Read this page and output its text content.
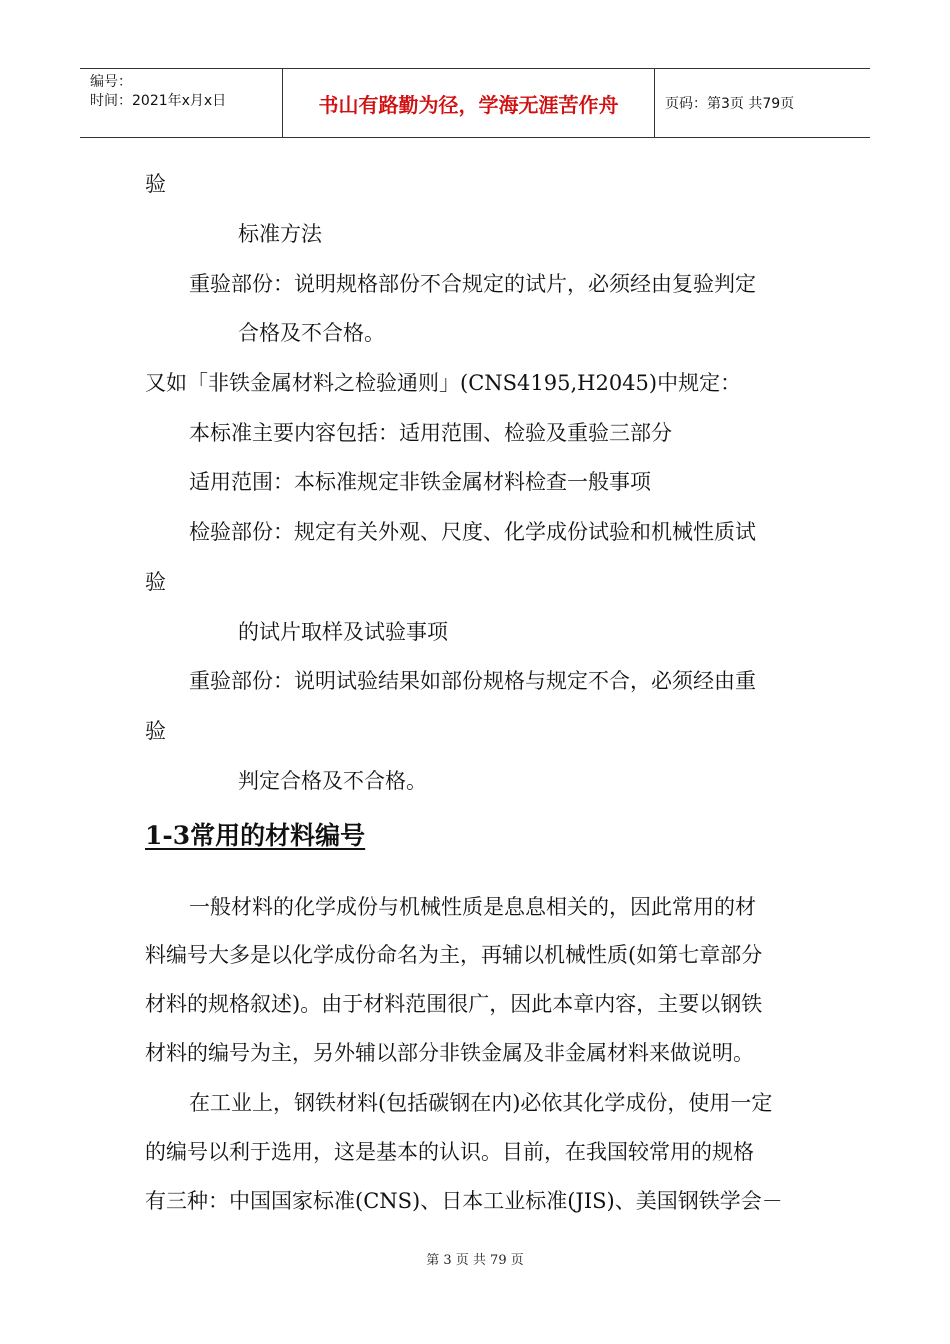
编号：
时间：2021年x月x日	书山有路勤为径，学海无涯苦作舟	页码：第3页 共79页
验
标准方法
重验部份：说明规格部份不合规定的试片，必须经由复验判定
合格及不合格。
又如「非铁金属材料之检验通则」(CNS4195,H2045)中规定：
本标准主要内容包括：适用范围、检验及重验三部分
适用范围：本标准规定非铁金属材料检查一般事项
检验部份：规定有关外观、尺度、化学成份试验和机械性质试
验
的试片取样及试验事项
重验部份：说明试验结果如部份规格与规定不合，必须经由重
验
判定合格及不合格。
1-3常用的材料编号
一般材料的化学成份与机械性质是息息相关的，因此常用的材
料编号大多是以化学成份命名为主，再辅以机械性质(如第七章部分
材料的规格叙述)。由于材料范围很广，因此本章内容，主要以钢铁
材料的编号为主，另外辅以部分非铁金属及非金属材料来做说明。
在工业上，钢铁材料(包括碳钢在内)必依其化学成份，使用一定
的编号以利于选用，这是基本的认识。目前，在我国较常用的规格
有三种：中国国家标准(CNS)、日本工业标准(JIS)、美国钢铁学会－
第 3 页 共 79 页
